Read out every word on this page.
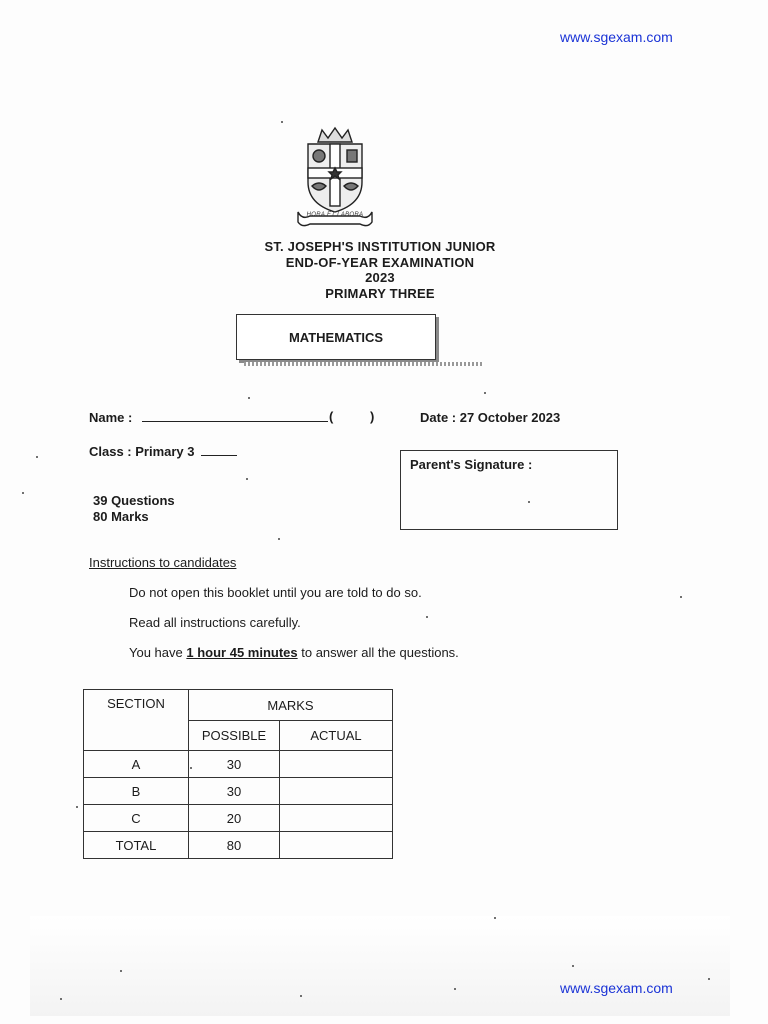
www.sgexam.com
HORA ET LABORA
ST. JOSEPH'S INSTITUTION JUNIOR
END-OF-YEAR EXAMINATION
2023
PRIMARY THREE
MATHEMATICS
Name :	(	)	Date : 27 October 2023
Class : Primary 3
Parent's Signature :
39 Questions
80 Marks
Instructions to candidates
Do not open this booklet until you are told to do so.
Read all instructions carefully.
You have 1 hour 45 minutes to answer all the questions.
SECTION	MARKS	
	POSSIBLE	ACTUAL
A	30	
B	30	
C	20	
TOTAL	80	
www.sgexam.com
